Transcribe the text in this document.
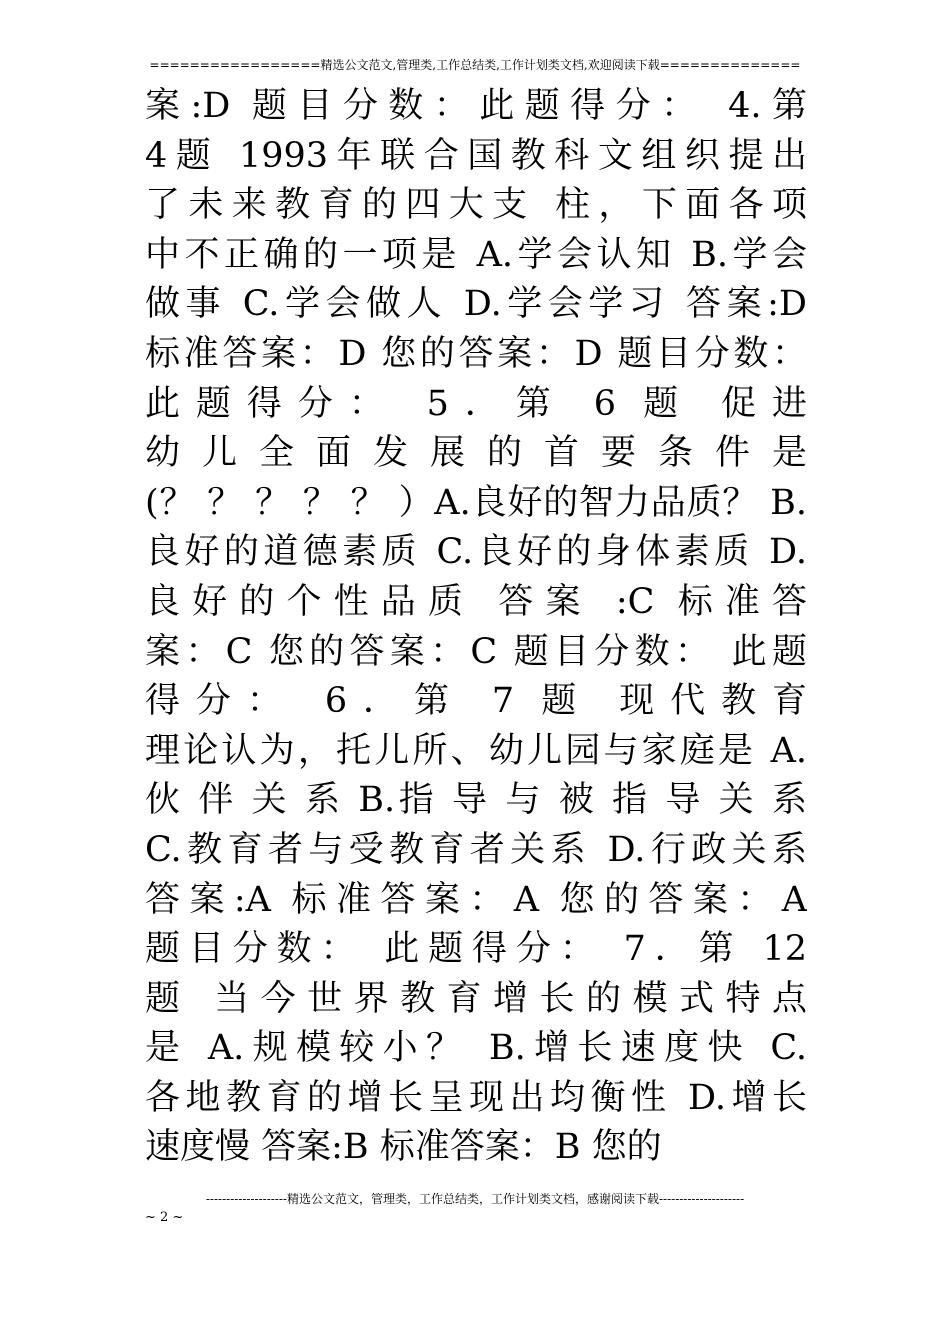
=================精选公文范文,管理类,工作总结类,工作计划类文档,欢迎阅读下载==============
案:D 题目分数：此题得分： 4.第
4题 1993年联合国教科文组织提出
了未来教育的四大支 柱，下面各项
中不正确的一项是 A.学会认知 B.学会
做事 C.学会做人 D.学会学习 答案:D
标准答案：D 您的答案：D 题目分数：
此题得分： 5．第 6 题 促进
幼 儿 全 面 发 展 的 首 要 条 件 是
(？ ？ ？ ？ ？ ）A.良好的智力品质？ B.
良好的道德素质 C.良好的身体素质 D.
良好的个性品质 答案 :C 标准答
案：C 您的答案：C 题目分数： 此题
得分： 6．第 7 题 现代教育
理论认为，托儿所、幼儿园与家庭是 A.
伙 伴 关 系 B.指 导 与 被 指 导 关 系
C.教育者与受教育者关系 D.行政关系
答案:A 标准答案：A 您的答案：A
题目分数： 此题得分： 7．第 12
题 当今世界教育增长的模式特点
是 A.规模较小？ B.增长速度快 C.
各地教育的增长呈现出均衡性 D.增长
速度慢 答案:B 标准答案：B 您的
--------------------精选公文范文，管理类，工作总结类，工作计划类文档，感谢阅读下载---------------------
~ 2 ~
